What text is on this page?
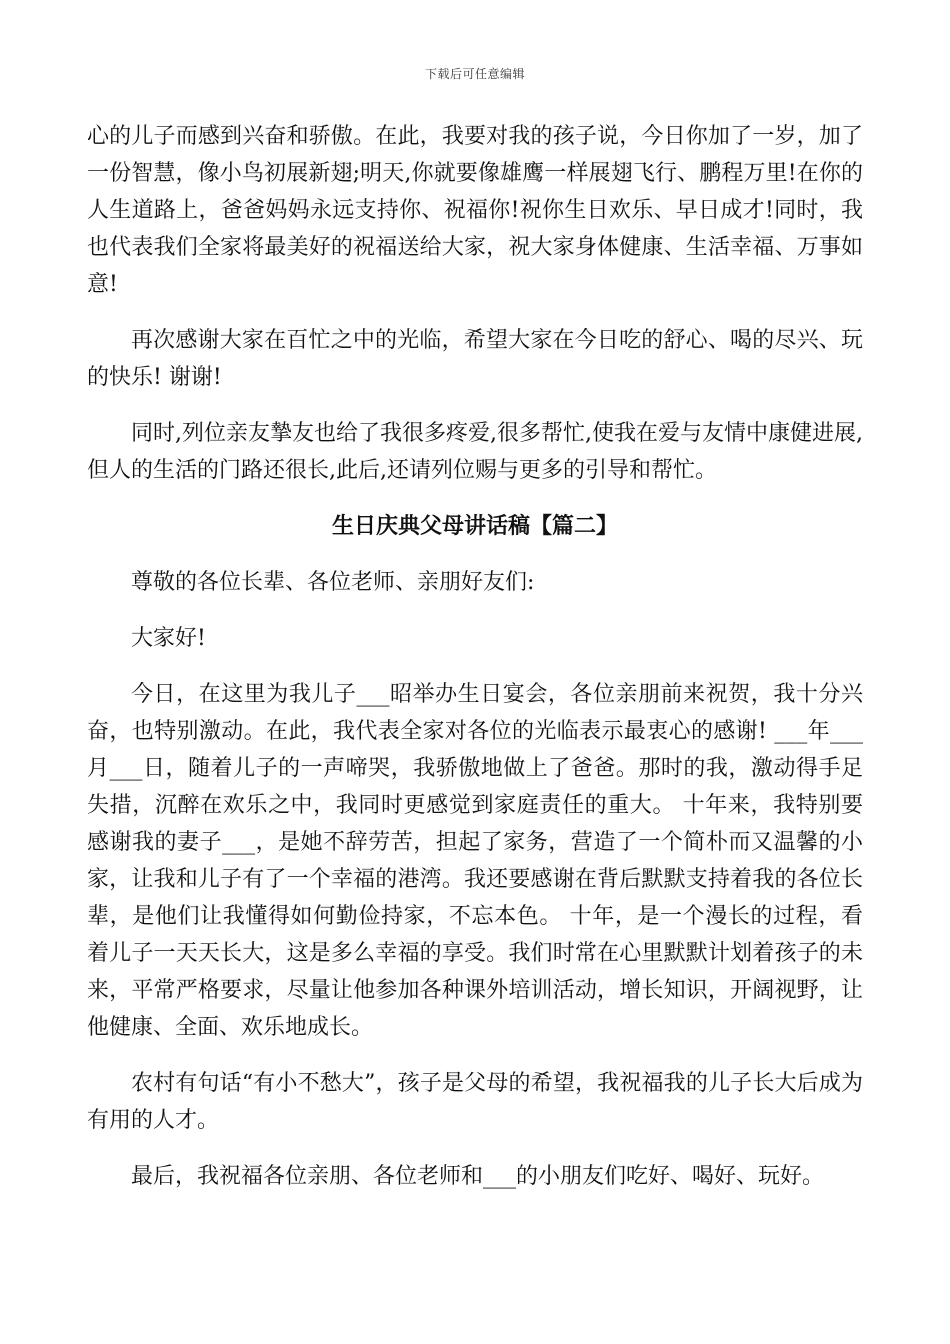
下载后可任意编辑

心的儿子而感到兴奋和骄傲。在此，我要对我的孩子说，今日你加了一岁，加了一份智慧，像小鸟初展新翅;明天,你就要像雄鹰一样展翅飞行、鹏程万里!在你的人生道路上，爸爸妈妈永远支持你、祝福你!祝你生日欢乐、早日成才!同时，我也代表我们全家将最美好的祝福送给大家，祝大家身体健康、生活幸福、万事如意!

再次感谢大家在百忙之中的光临，希望大家在今日吃的舒心、喝的尽兴、玩的快乐! 谢谢!

同时,列位亲友摯友也给了我很多疼爱,很多帮忙,使我在爱与友情中康健进展,但人的生活的门路还很长,此后,还请列位赐与更多的引导和帮忙。

生日庆典父母讲话稿【篇二】

尊敬的各位长辈、各位老师、亲朋好友们:

大家好!

今日，在这里为我儿子___昭举办生日宴会，各位亲朋前来祝贺，我十分兴奋，也特别激动。在此，我代表全家对各位的光临表示最衷心的感谢! ___年___月___日，随着儿子的一声啼哭，我骄傲地做上了爸爸。那时的我，激动得手足失措，沉醉在欢乐之中，我同时更感觉到家庭责任的重大。 十年来，我特别要感谢我的妻子___，是她不辞劳苦，担起了家务，营造了一个简朴而又温馨的小家，让我和儿子有了一个幸福的港湾。我还要感谢在背后默默支持着我的各位长辈，是他们让我懂得如何勤俭持家，不忘本色。 十年，是一个漫长的过程，看着儿子一天天长大，这是多么幸福的享受。我们时常在心里默默计划着孩子的未来，平常严格要求，尽量让他参加各种课外培训活动，增长知识，开阔视野，让他健康、全面、欢乐地成长。

农村有句话“有小不愁大”，孩子是父母的希望，我祝福我的儿子长大后成为有用的人才。

最后，我祝福各位亲朋、各位老师和___的小朋友们吃好、喝好、玩好。
